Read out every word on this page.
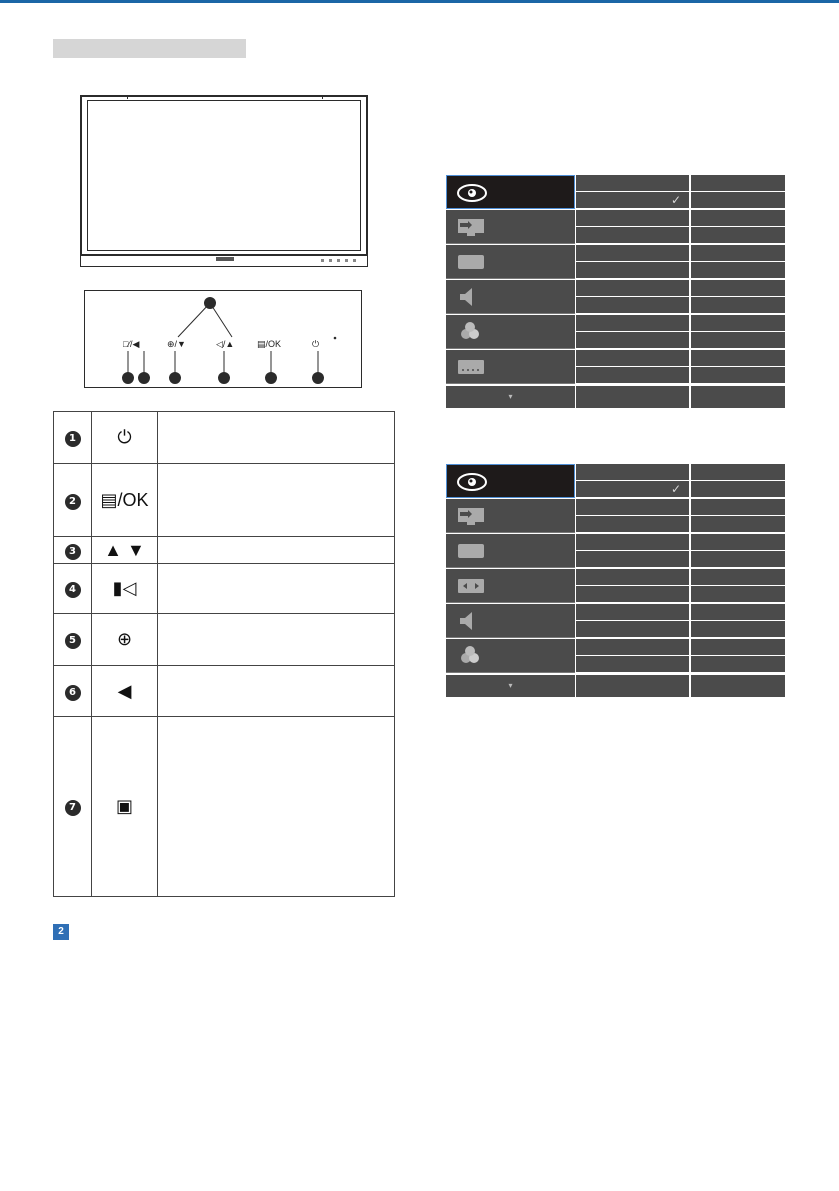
□∕/◀	⊕/▼	◁/▲	▤/OK	⏻
1	⏻	
2	▤/OK	
3	▲ ▼	
4	▮◁	
5	⊕	
6	◀	
7	▣	
2
▾
✓
▾
✓
